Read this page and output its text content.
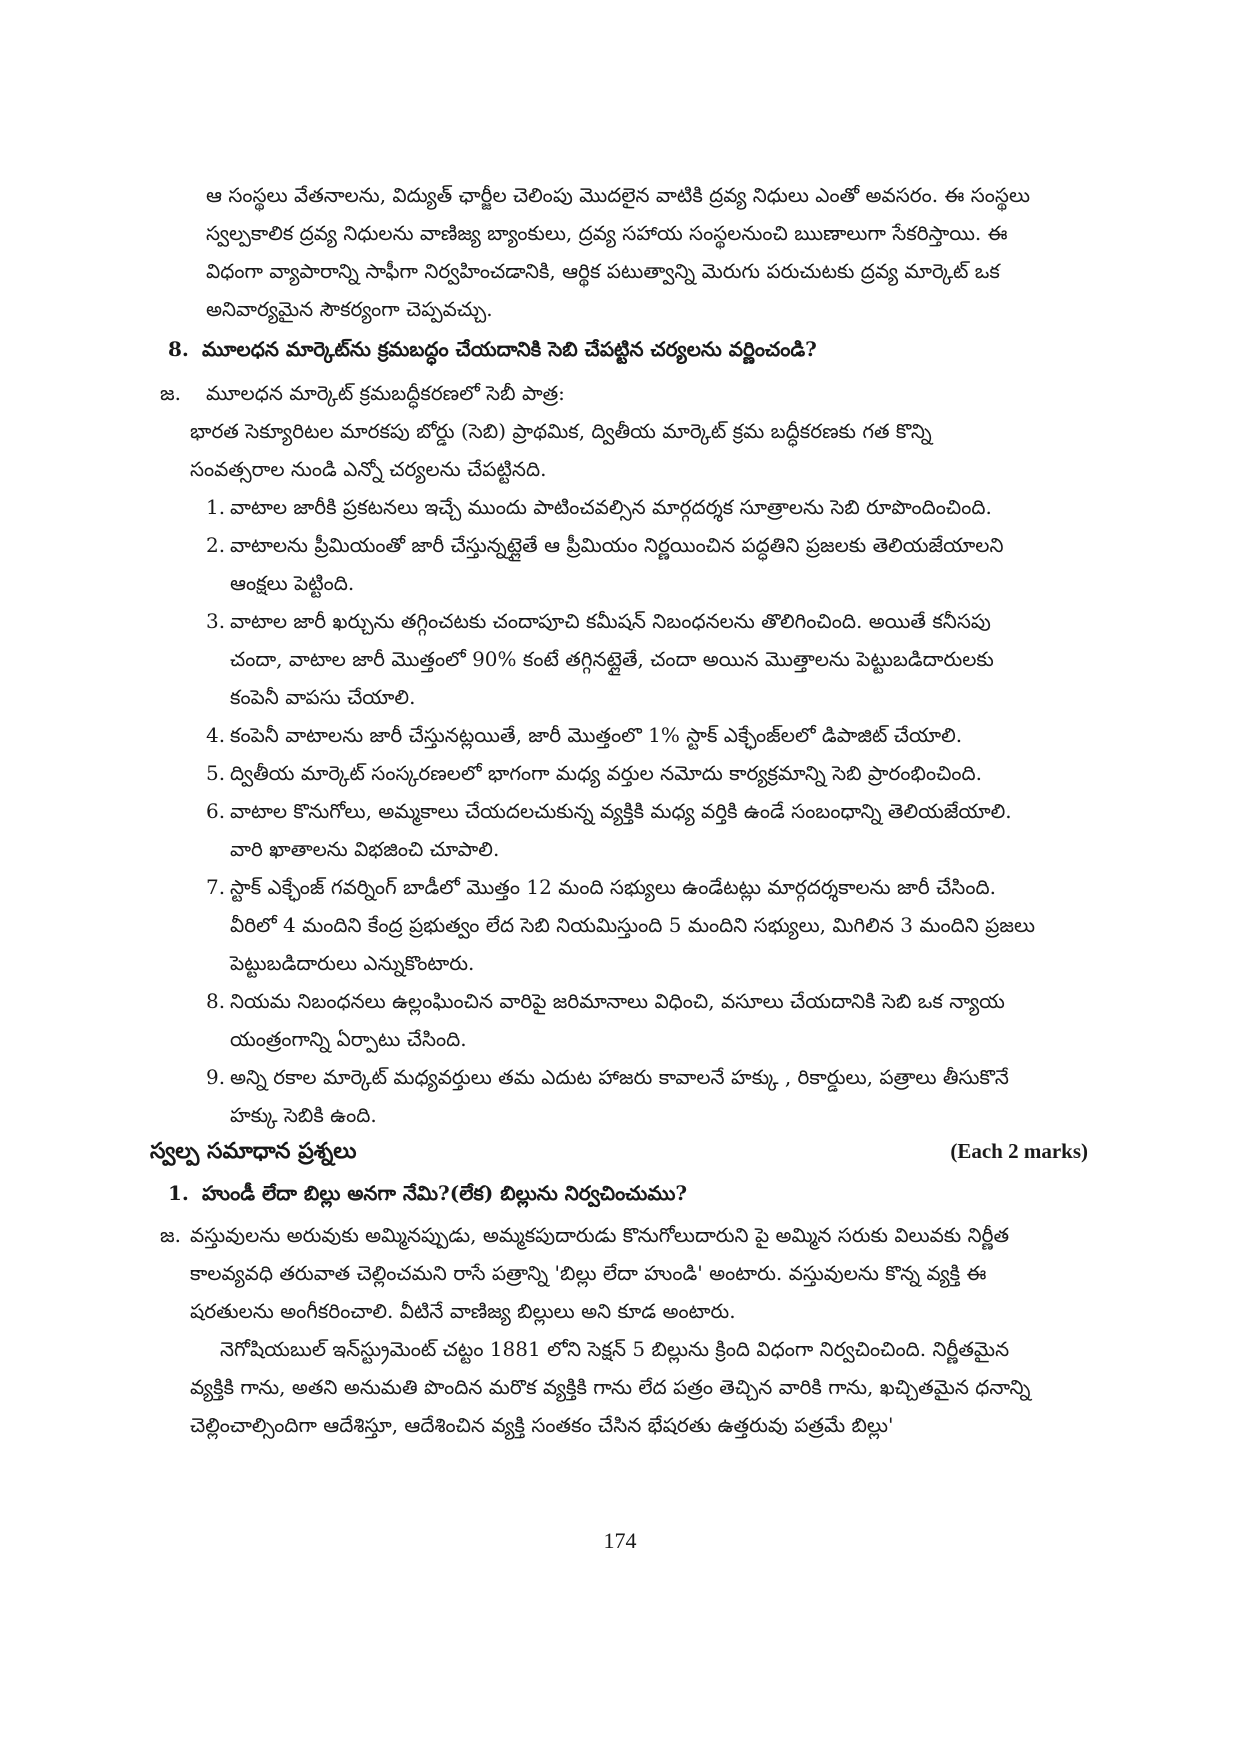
ఆ సంస్థలు వేతనాలను, విద్యుత్ ఛార్జీల చెలింపు మొదలైన వాటికి ద్రవ్య నిధులు ఎంతో అవసరం. ఈ సంస్థలు
స్వల్పకాలిక ద్రవ్య నిధులను వాణిజ్య బ్యాంకులు, ద్రవ్య సహాయ సంస్థలనుంచి ఋణాలుగా సేకరిస్తాయి. ఈ
విధంగా వ్యాపారాన్ని సాఫీగా నిర్వహించడానికి, ఆర్థిక పటుత్వాన్ని మెరుగు పరుచుటకు ద్రవ్య మార్కెట్ ఒక
అనివార్యమైన సౌకర్యంగా చెప్పవచ్చు.
8. మూలధన మార్కెట్‌ను క్రమబద్ధం చేయదానికి సెబి చేపట్టిన చర్యలను వర్ణించండి?
జ. మూలధన మార్కెట్ క్రమబద్ధీకరణలో సెబీ పాత్ర:
భారత సెక్యూరిటల మారకపు బోర్డు (సెబి) ప్రాథమిక, ద్వితీయ మార్కెట్ క్రమ బద్ధీకరణకు గత కొన్ని
సంవత్సరాల నుండి ఎన్నో చర్యలను చేపట్టినది.
1. వాటాల జారీకి ప్రకటనలు ఇచ్చే ముందు పాటించవల్సిన మార్గదర్శక సూత్రాలను సెబి రూపొందించింది.
2. వాటాలను ప్రీమియంతో జారీ చేస్తున్నట్లైతే ఆ ప్రీమియం నిర్ణయించిన పద్ధతిని ప్రజలకు తెలియజేయాలని
ఆంక్షలు పెట్టింది.
3. వాటాల జారీ ఖర్చును తగ్గించటకు చందాపూచి కమీషన్ నిబంధనలను తొలిగించింది. అయితే కనీసపు
చందా, వాటాల జారీ మొత్తంలో 90% కంటే తగ్గినట్లైతే, చందా అయిన మొత్తాలను పెట్టుబడిదారులకు
కంపెనీ వాపసు చేయాలి.
4. కంపెనీ వాటాలను జారీ చేస్తునట్లయితే, జారీ మొత్తంలొ 1% స్టాక్ ఎక్ఛేంజ్‌లలో డిపాజిట్ చేయాలి.
5. ద్వితీయ మార్కెట్ సంస్కరణలలో భాగంగా మధ్య వర్తుల నమోదు కార్యక్రమాన్ని సెబి ప్రారంభించింది.
6. వాటాల కొనుగోలు, అమ్మకాలు చేయదలచుకున్న వ్యక్తికి మధ్య వర్తికి ఉండే సంబంధాన్ని తెలియజేయాలి.
వారి ఖాతాలను విభజించి చూపాలి.
7. స్టాక్ ఎక్ఛేంజ్ గవర్నింగ్ బాడీలో మొత్తం 12 మంది సభ్యులు ఉండేటట్లు మార్గదర్శకాలను జారీ చేసింది.
వీరిలో 4 మందిని కేంద్ర ప్రభుత్వం లేద సెబి నియమిస్తుంది 5 మందిని సభ్యులు, మిగిలిన 3 మందిని ప్రజలు
పెట్టుబడిదారులు ఎన్నుకొంటారు.
8. నియమ నిబంధనలు ఉల్లంఘించిన వారిపై జరిమానాలు విధించి, వసూలు చేయదానికి సెబి ఒక న్యాయ
యంత్రంగాన్ని ఏర్పాటు చేసింది.
9. అన్ని రకాల మార్కెట్ మధ్యవర్తులు తమ ఎదుట హాజరు కావాలనే హక్కు , రికార్డులు, పత్రాలు తీసుకొనే
హక్కు సెబికి ఉంది.
స్వల్ప సమాధాన ప్రశ్నలు	(Each 2 marks)
1. హుండీ లేదా బిల్లు అనగా నేమి?(లేక) బిల్లును నిర్వచించుము?
జ. వస్తువులను అరువుకు అమ్మినప్పుడు, అమ్మకపుదారుడు కొనుగోలుదారుని పై అమ్మిన సరుకు విలువకు నిర్ణీత
కాలవ్యవధి తరువాత చెల్లించమని రాసే పత్రాన్ని 'బిల్లు లేదా హుండి' అంటారు. వస్తువులను కొన్న వ్యక్తి ఈ
షరతులను అంగీకరించాలి. వీటినే వాణిజ్య బిల్లులు అని కూడ అంటారు.
నెగోషియబుల్ ఇన్‌స్ట్రుమెంట్ చట్టం 1881 లోని సెక్షన్ 5 బిల్లును క్రింది విధంగా నిర్వచించింది. నిర్ణీతమైన
వ్యక్తికి గాను, అతని అనుమతి పొందిన మరొక వ్యక్తికి గాను లేద పత్రం తెచ్చిన వారికి గాను, ఖచ్చితమైన ధనాన్ని
చెల్లించాల్సిందిగా ఆదేశిస్తూ, ఆదేశించిన వ్యక్తి సంతకం చేసిన భేషరతు ఉత్తరువు పత్రమే బిల్లు'
174
